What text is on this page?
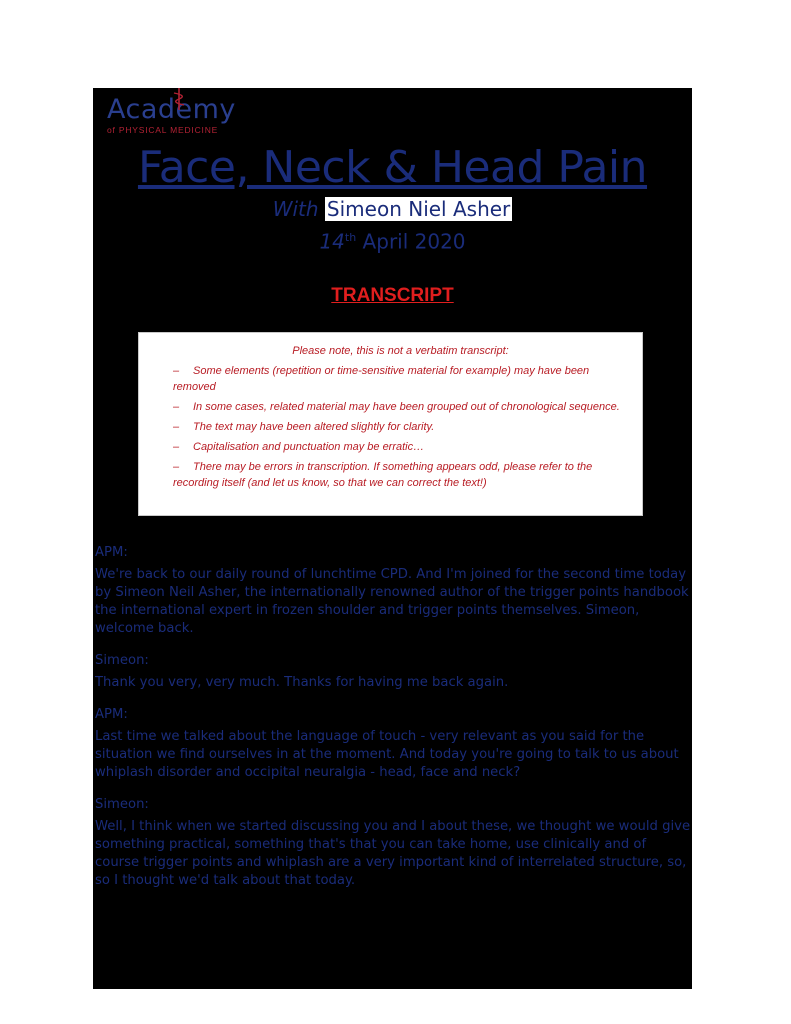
Academy
of PHYSICAL MEDICINE
Face, Neck & Head Pain
With Simeon Niel Asher
14th April 2020
TRANSCRIPT
Please note, this is not a verbatim transcript:
– Some elements (repetition or time-sensitive material for example) may have been removed
– In some cases, related material may have been grouped out of chronological sequence.
– The text may have been altered slightly for clarity.
– Capitalisation and punctuation may be erratic…
– There may be errors in transcription. If something appears odd, please refer to the recording itself (and let us know, so that we can correct the text!)
APM:
We're back to our daily round of lunchtime CPD. And I'm joined for the second time today by Simeon Neil Asher, the internationally renowned author of the trigger points handbook the international expert in frozen shoulder and trigger points themselves. Simeon, welcome back.
Simeon:
Thank you very, very much. Thanks for having me back again.
APM:
Last time we talked about the language of touch - very relevant as you said for the situation we find ourselves in at the moment. And today you're going to talk to us about whiplash disorder and occipital neuralgia - head, face and neck?
Simeon:
Well, I think when we started discussing you and I about these, we thought we would give something practical, something that's that you can take home, use clinically and of course trigger points and whiplash are a very important kind of interrelated structure, so, so I thought we'd talk about that today.
